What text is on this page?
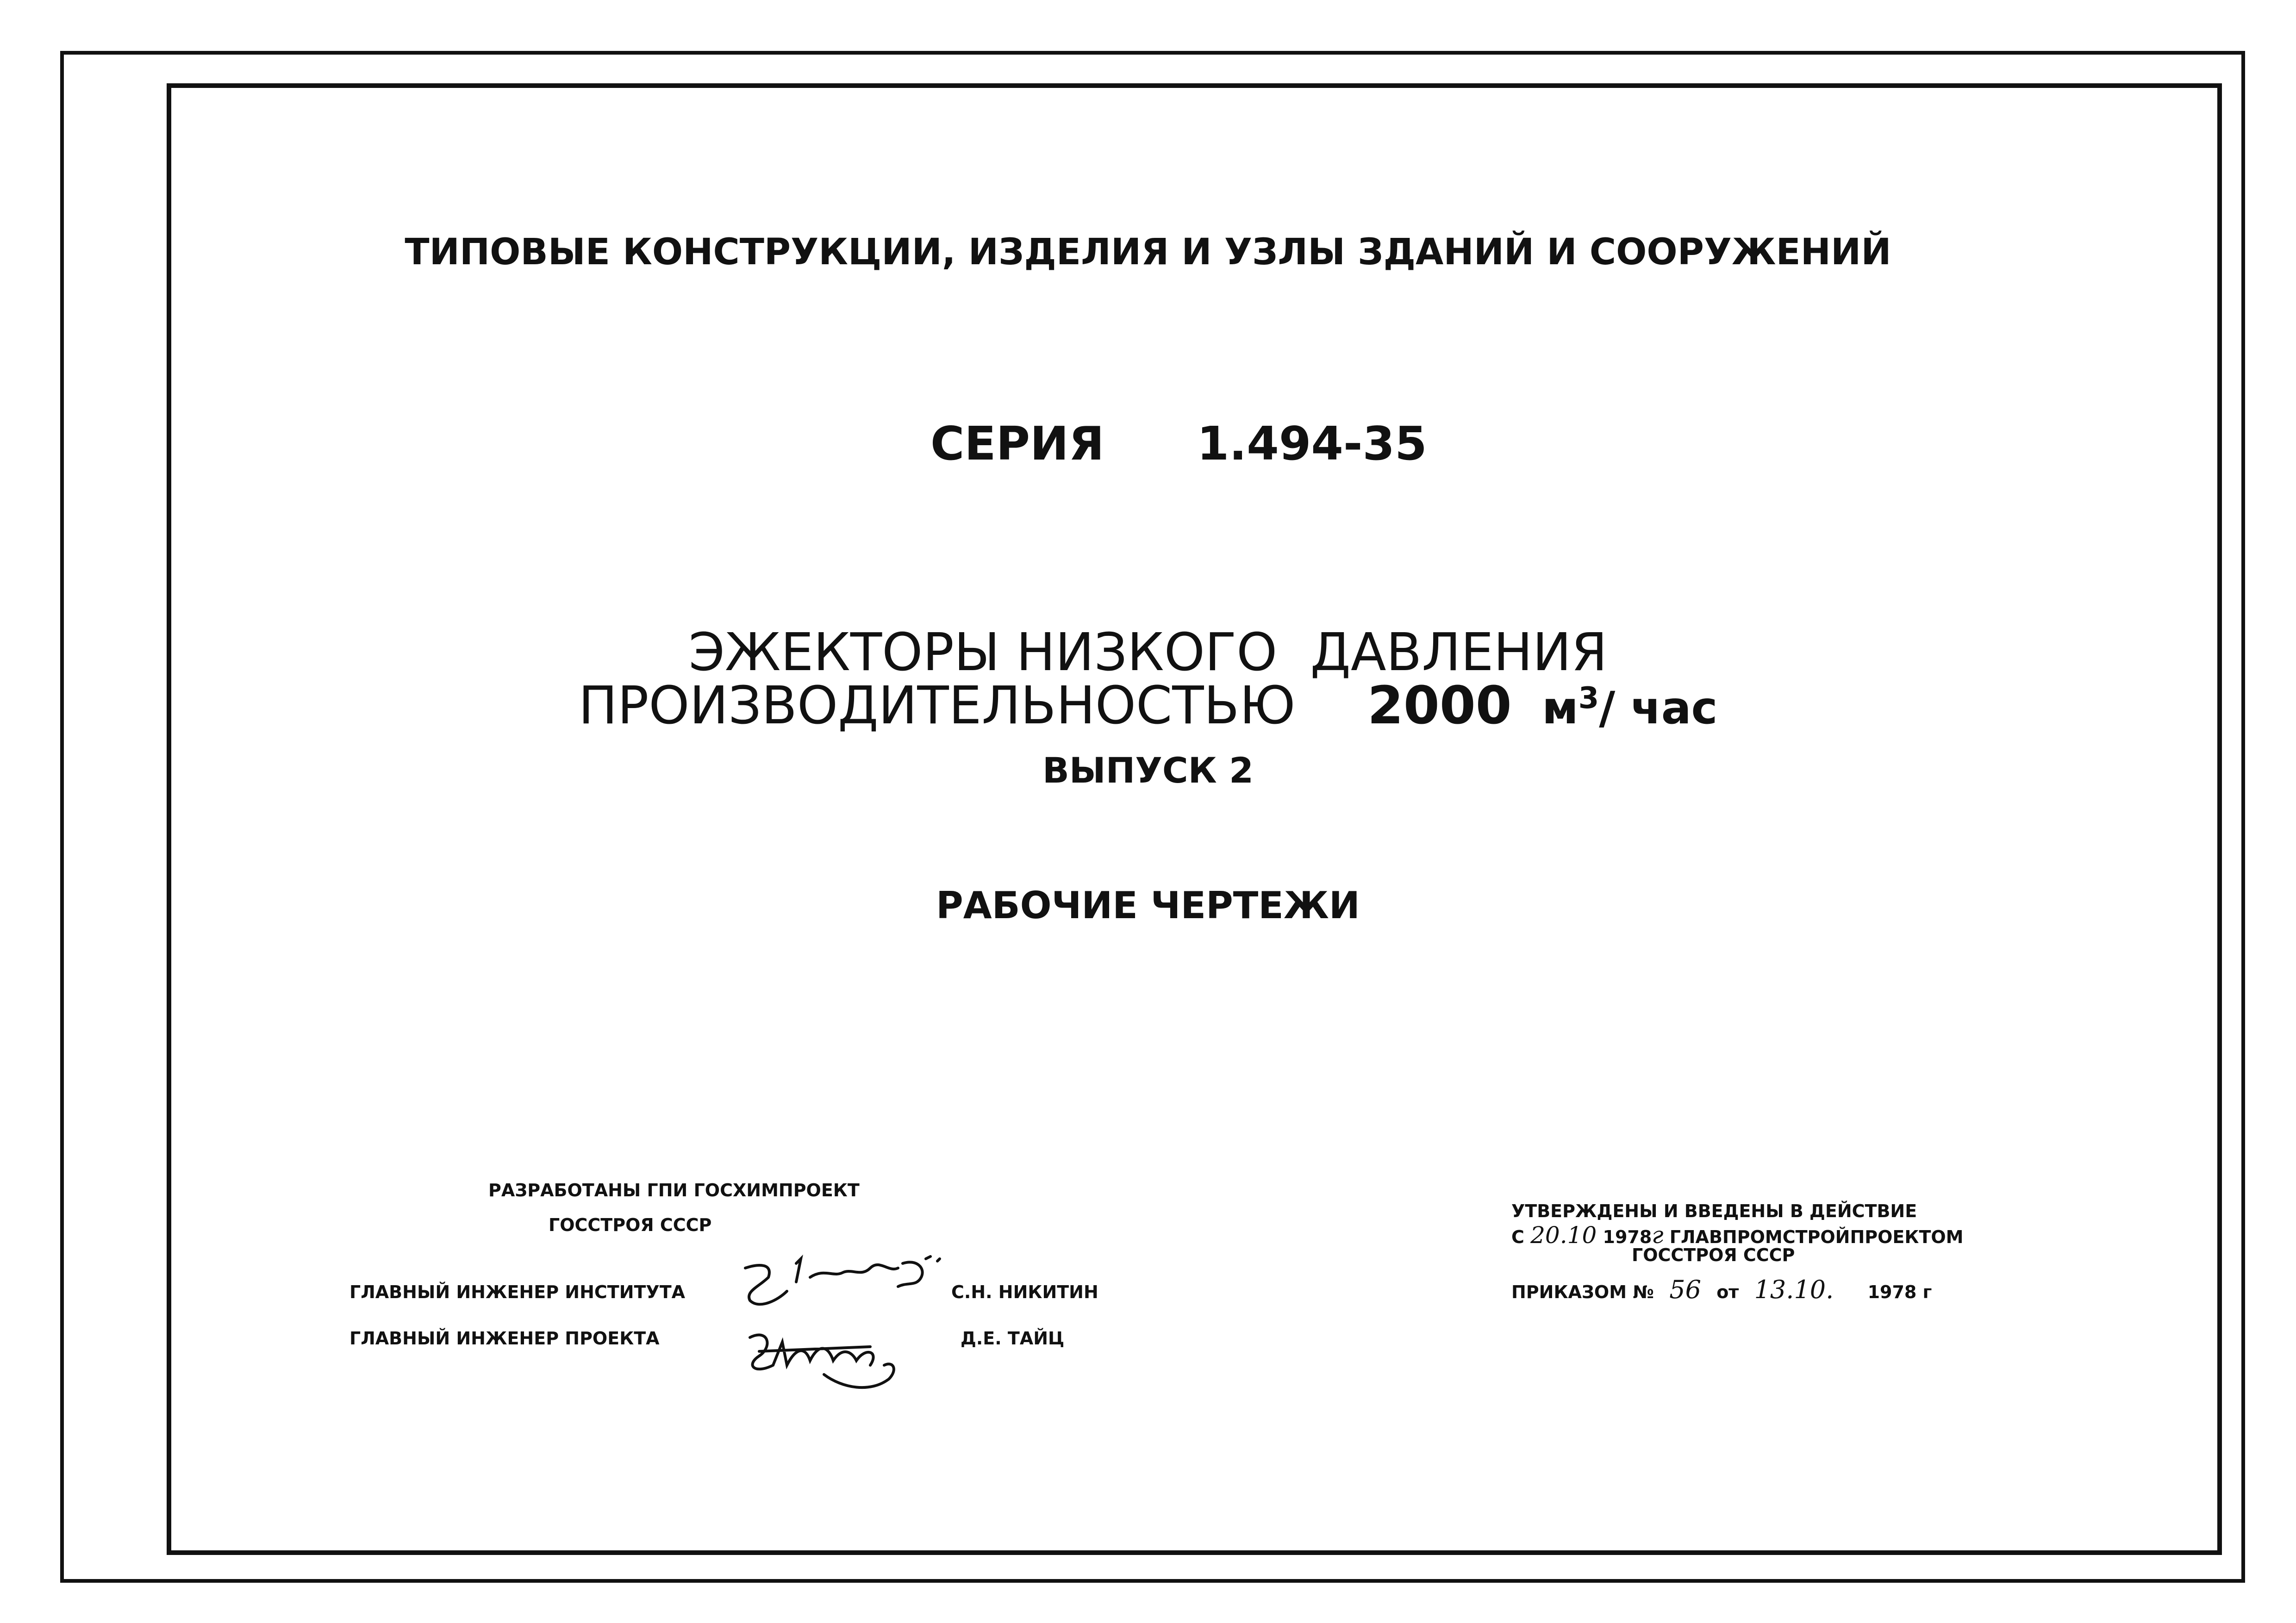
ТИПОВЫЕ КОНСТРУКЦИИ, ИЗДЕЛИЯ И УЗЛЫ ЗДАНИЙ И СООРУЖЕНИЙ
СЕРИЯ 1.494-35
ЭЖЕКТОРЫ НИЗКОГО  ДАВЛЕНИЯ
ПРОИЗВОДИТЕЛЬНОСТЬЮ 2000 $м^3/$ час
ВЫПУСК 2
РАБОЧИЕ ЧЕРТЕЖИ
РАЗРАБОТАНЫ ГПИ ГОСХИМПРОЕКТ
ГОССТРОЯ СССР
ГЛАВНЫЙ ИНЖЕНЕР ИНСТИТУТА	С.Н. НИКИТИН
ГЛАВНЫЙ ИНЖЕНЕР ПРОЕКТА	Д.Е. ТАЙЦ
УТВЕРЖДЕНЫ И ВВЕДЕНЫ В ДЕЙСТВИЕ
С 20.10 1978г ГЛАВПРОМСТРОЙПРОЕКТОМ
ГОССТРОЯ СССР
ПРИКАЗОМ № 56 от 13.10. 1978 г
